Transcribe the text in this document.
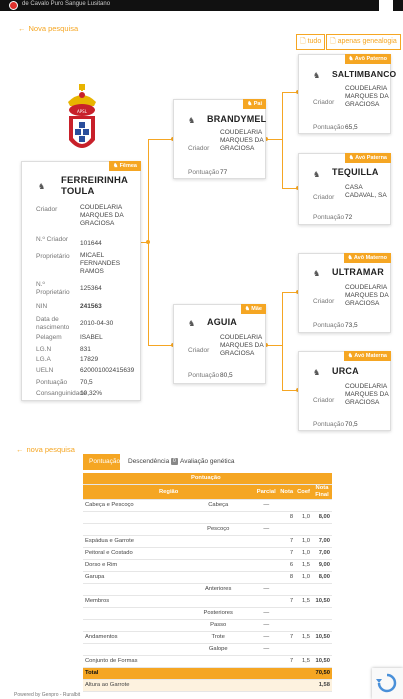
de Cavalo Puro Sangue Lusitano
← Nova pesquisa
🗋 tudo	🗋 apenas genealogia
APSL
♞ Fêmea
♞
FERREIRINHA TOULA
Criador	COUDELARIA MARQUES DA GRACIOSA
N.º Criador
101644
Proprietário	MICAEL FERNANDES RAMOS
N.º Proprietário
125364
NIN	241563
Data de nascimento
2010-04-30
Pelagem	ISABEL
LG.N	831
LG.A	17829
UELN	620001002415639
Pontuação	70,5
Consanguinidade
10,32%
♞ Pai
♞ BRANDYMEL
Criador
COUDELARIA MARQUES DA GRACIOSA
Pontuação 77
♞ Mãe
♞ AGUIA
Criador
COUDELARIA MARQUES DA GRACIOSA
Pontuação 80,5
♞ Avô Paterno
♞ SALTIMBANCO
Criador
COUDELARIA MARQUES DA GRACIOSA
Pontuação 65,5
♞ Avó Paterna
♞ TEQUILLA
Criador
CASA CADAVAL, SA
Pontuação 72
♞ Avô Materno
♞ ULTRAMAR
Criador
COUDELARIA MARQUES DA GRACIOSA
Pontuação 73,5
♞ Avó Materna
♞ URCA
Criador
COUDELARIA MARQUES DA GRACIOSA
Pontuação 70,5
← nova pesquisa
Pontuação	Descendência 0 Avaliação genética
Pontuação					
Região		Parcial	Nota	Coef	Nota Final
Cabeça e Pescoço	Cabeça	—			
			8	1,0	8,00
	Pescoço	—			
Espádua e Garrote			7	1,0	7,00
Peitoral e Costado			7	1,0	7,00
Dorso e Rim			6	1,5	9,00
Garupa			8	1,0	8,00
	Anteriores	—			
Membros			7	1,5	10,50
	Posteriores	—			
	Passo	—			
Andamentos	Trote	—	7	1,5	10,50
	Galope	—			
Conjunto de Formas			7	1,5	10,50
Total					70,50
Altura ao Garrote					1,58
Powered by Genpro - Ruralbit
